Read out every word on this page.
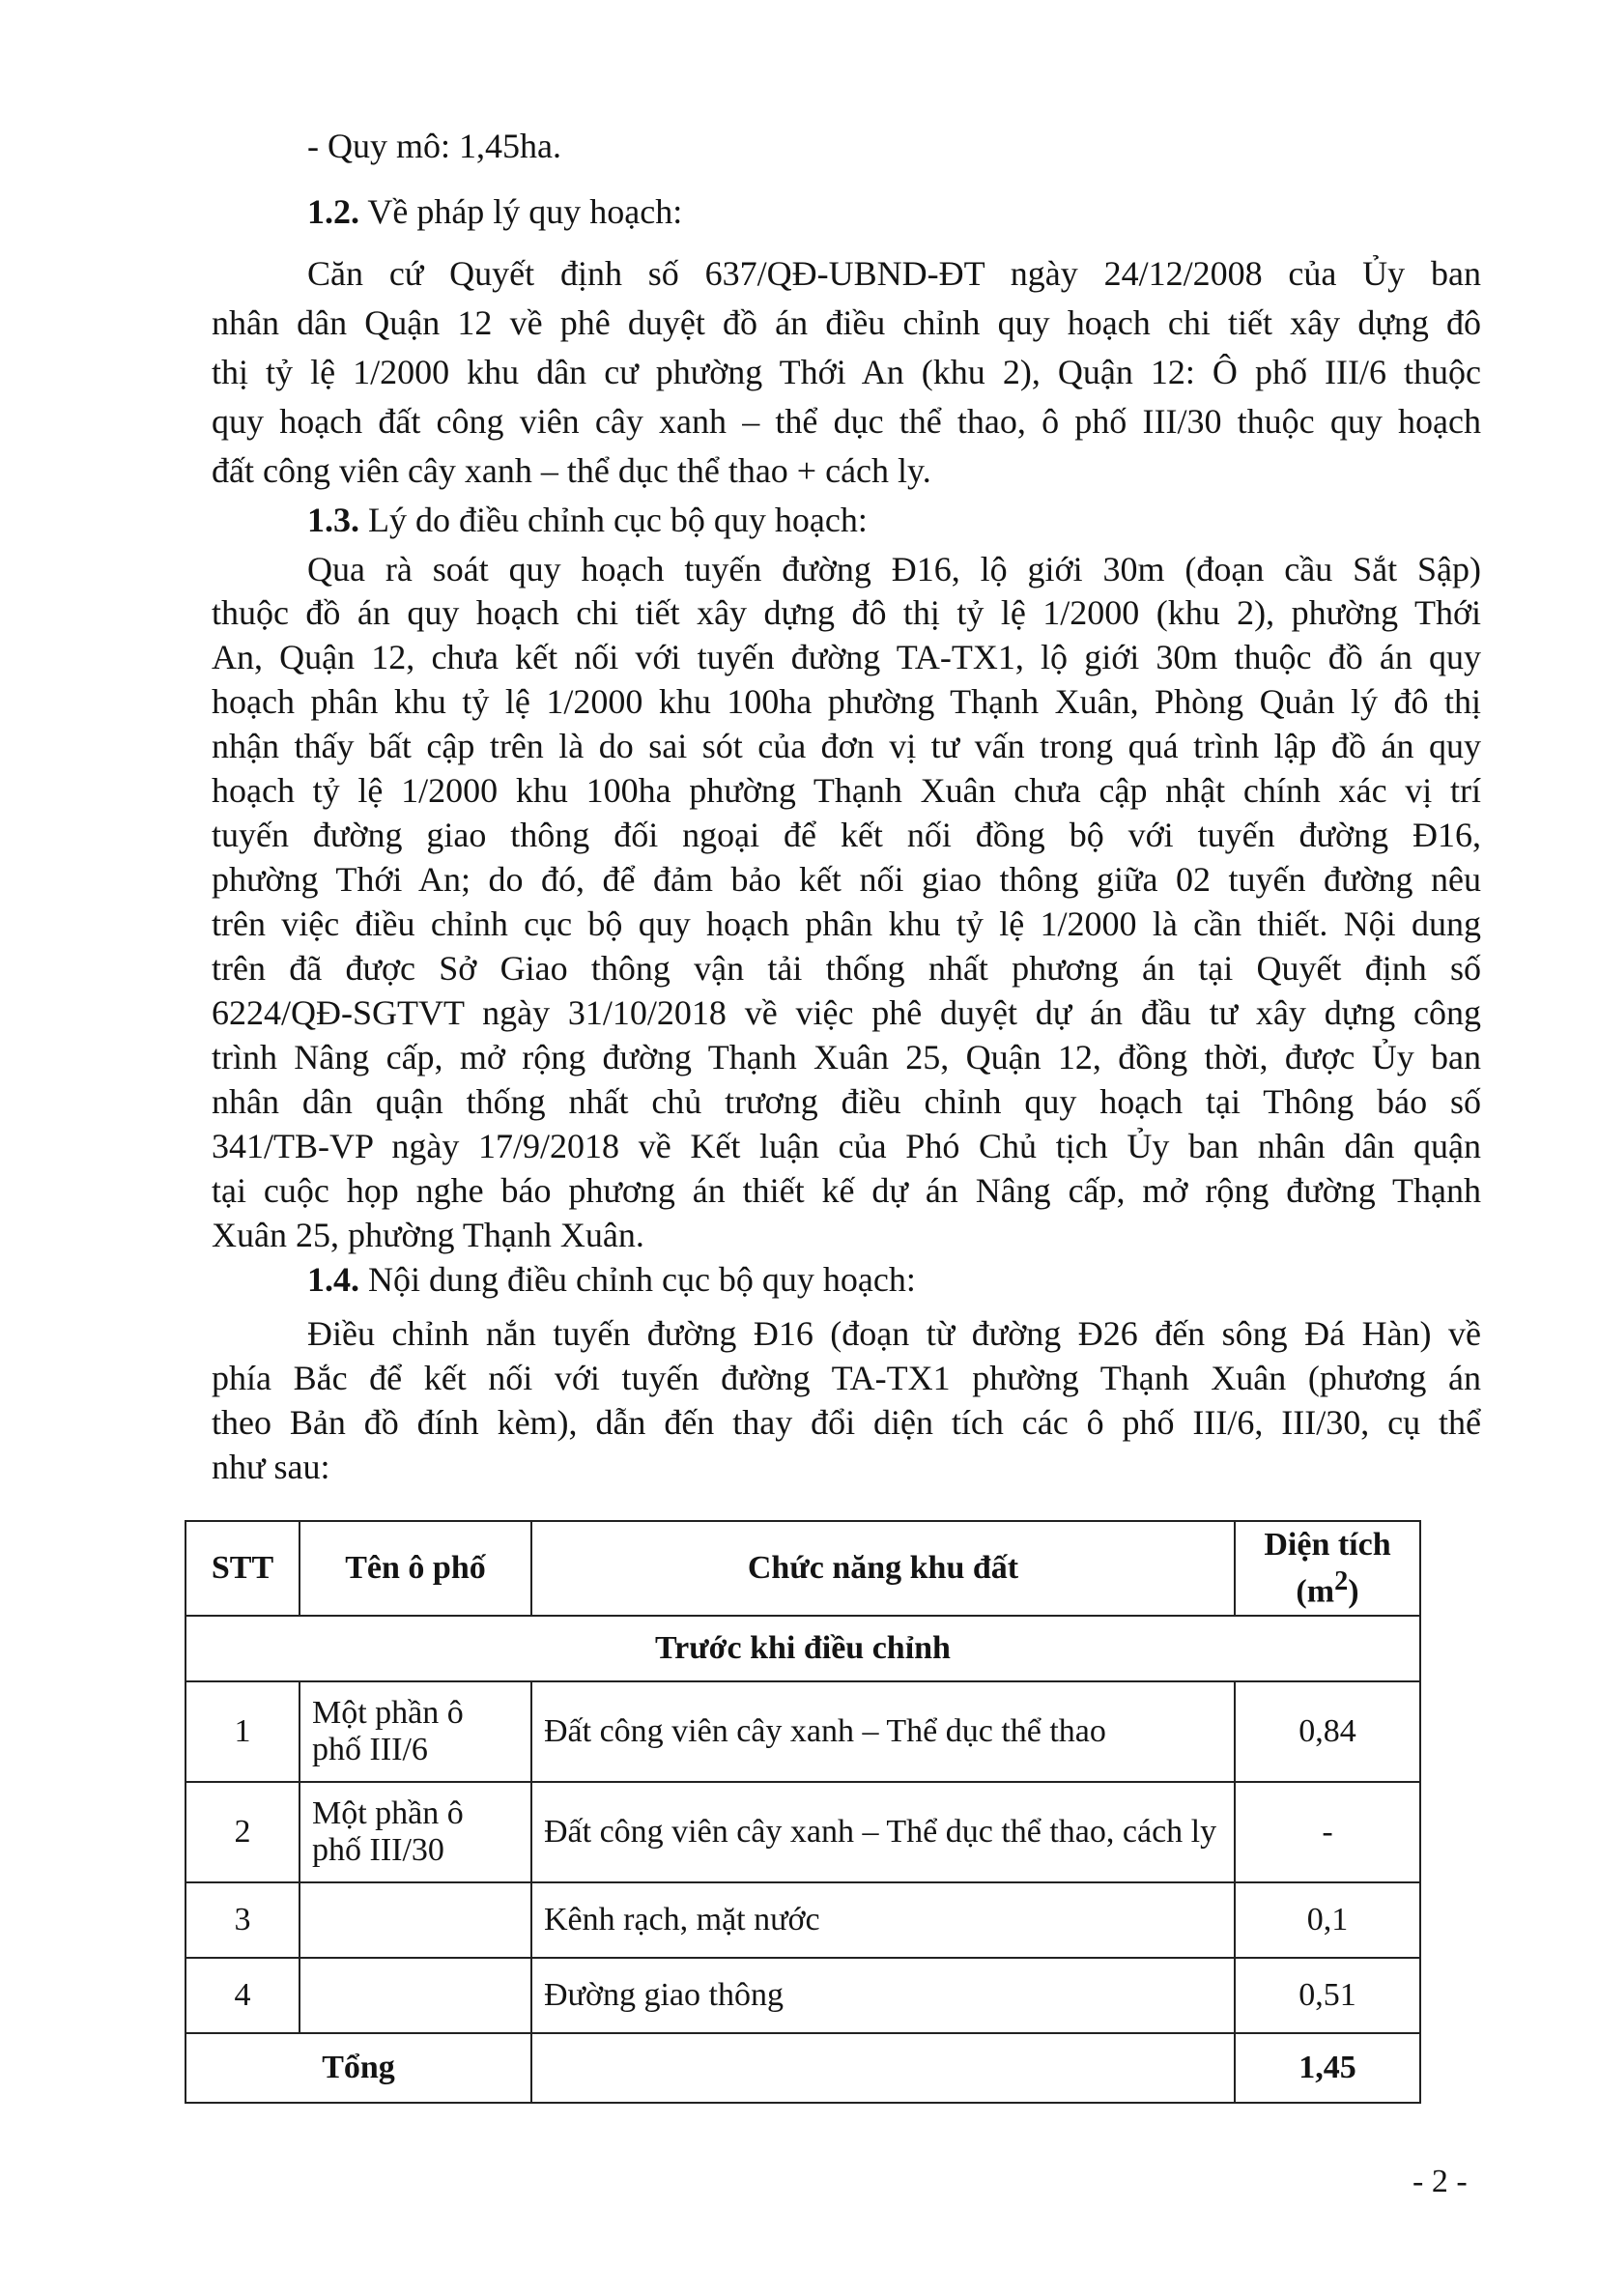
- Quy mô: 1,45ha.
1.2. Về pháp lý quy hoạch:
Căn cứ Quyết định số 637/QĐ-UBND-ĐT ngày 24/12/2008 của Ủy ban
nhân dân Quận 12 về phê duyệt đồ án điều chỉnh quy hoạch chi tiết xây dựng đô
thị tỷ lệ 1/2000 khu dân cư phường Thới An (khu 2), Quận 12: Ô phố III/6 thuộc
quy hoạch đất công viên cây xanh – thể dục thể thao, ô phố III/30 thuộc quy hoạch
đất công viên cây xanh – thể dục thể thao + cách ly.
1.3. Lý do điều chỉnh cục bộ quy hoạch:
Qua rà soát quy hoạch tuyến đường Đ16, lộ giới 30m (đoạn cầu Sắt Sập)
thuộc đồ án quy hoạch chi tiết xây dựng đô thị tỷ lệ 1/2000 (khu 2), phường Thới
An, Quận 12, chưa kết nối với tuyến đường TA-TX1, lộ giới 30m thuộc đồ án quy
hoạch phân khu tỷ lệ 1/2000 khu 100ha phường Thạnh Xuân, Phòng Quản lý đô thị
nhận thấy bất cập trên là do sai sót của đơn vị tư vấn trong quá trình lập đồ án quy
hoạch tỷ lệ 1/2000 khu 100ha phường Thạnh Xuân chưa cập nhật chính xác vị trí
tuyến đường giao thông đối ngoại để kết nối đồng bộ với tuyến đường Đ16,
phường Thới An; do đó, để đảm bảo kết nối giao thông giữa 02 tuyến đường nêu
trên việc điều chỉnh cục bộ quy hoạch phân khu tỷ lệ 1/2000 là cần thiết. Nội dung
trên đã được Sở Giao thông vận tải thống nhất phương án tại Quyết định số
6224/QĐ-SGTVT ngày 31/10/2018 về việc phê duyệt dự án đầu tư xây dựng công
trình Nâng cấp, mở rộng đường Thạnh Xuân 25, Quận 12, đồng thời, được Ủy ban
nhân dân quận thống nhất chủ trương điều chỉnh quy hoạch tại Thông báo số
341/TB-VP ngày 17/9/2018 về Kết luận của Phó Chủ tịch Ủy ban nhân dân quận
tại cuộc họp nghe báo phương án thiết kế dự án Nâng cấp, mở rộng đường Thạnh
Xuân 25, phường Thạnh Xuân.
1.4. Nội dung điều chỉnh cục bộ quy hoạch:
Điều chỉnh nắn tuyến đường Đ16 (đoạn từ đường Đ26 đến sông Đá Hàn) về
phía Bắc để kết nối với tuyến đường TA-TX1 phường Thạnh Xuân (phương án
theo Bản đồ đính kèm), dẫn đến thay đổi diện tích các ô phố III/6, III/30, cụ thể
như sau:
STT	Tên ô phố	Chức năng khu đất	Diện tích
$(m^2)$
Trước khi điều chỉnh			
1	Một phần ô phố III/6	Đất công viên cây xanh – Thể dục thể thao	0,84
2	Một phần ô phố III/30	Đất công viên cây xanh – Thể dục thể thao, cách ly	-
3		Kênh rạch, mặt nước	0,1
4		Đường giao thông	0,51
Tổng			1,45
- 2 -
